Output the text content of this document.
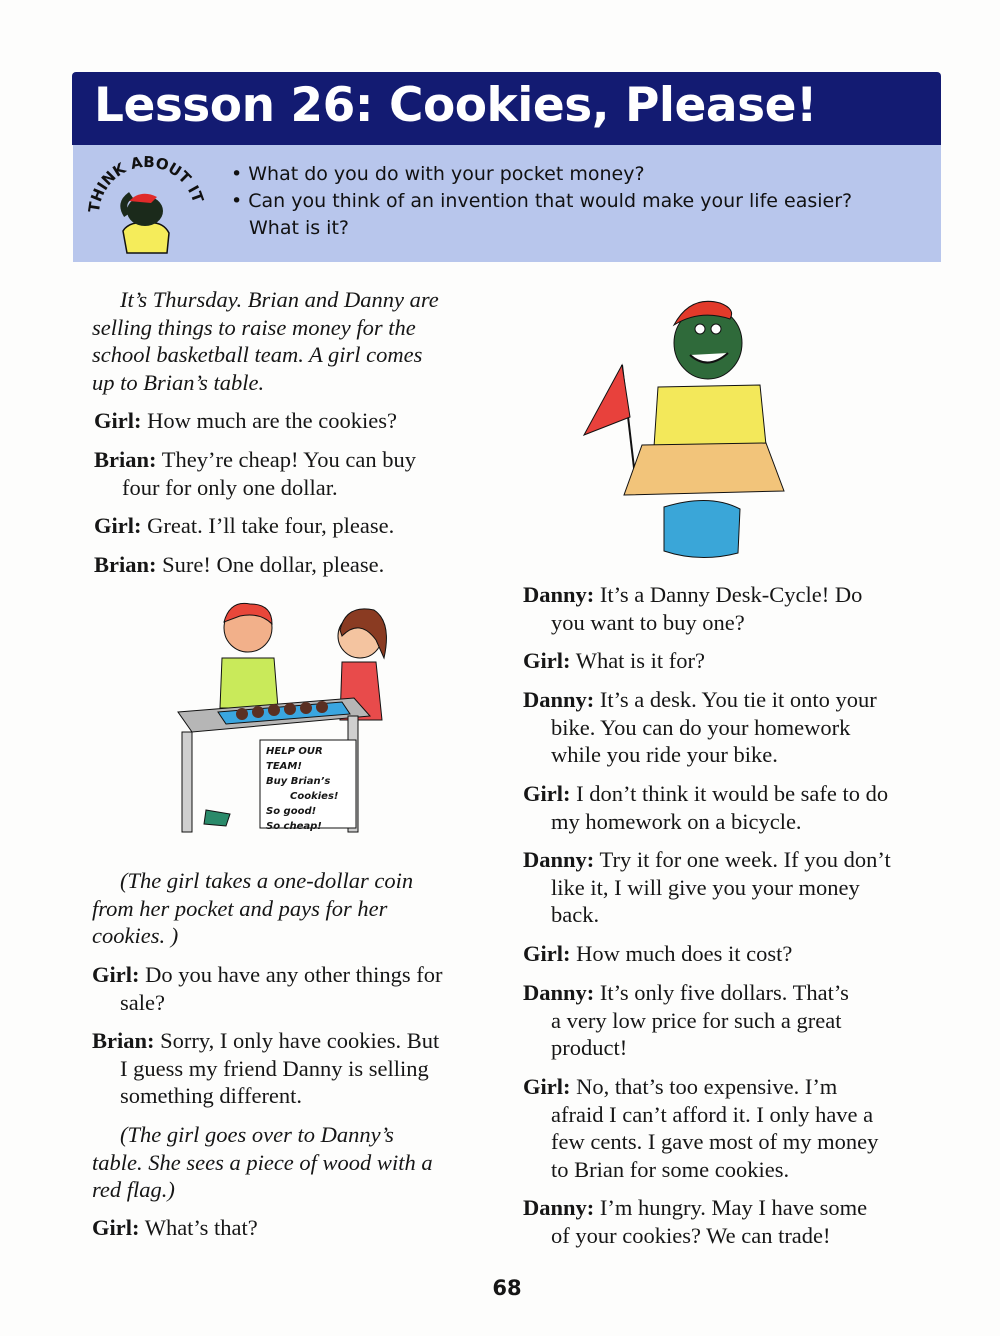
Lesson 26: Cookies, Please!
THINK ABOUT IT
• What do you do with your pocket money?
• Can you think of an invention that would make your life easier?
What is it?
It’s Thursday. Brian and Danny are
selling things to raise money for the
school basketball team. A girl comes
up to Brian’s table.
Girl: How much are the cookies?
Brian: They’re cheap! You can buy
four for only one dollar.
Girl: Great. I’ll take four, please.
Brian: Sure! One dollar, please.
HELP OUR TEAM!
Buy Brian’s
Cookies!
So good!
So cheap!
(The girl takes a one-dollar coin
from her pocket and pays for her
cookies. )
Girl: Do you have any other things for
sale?
Brian: Sorry, I only have cookies. But
I guess my friend Danny is selling
something different.
(The girl goes over to Danny’s
table. She sees a piece of wood with a
red flag.)
Girl: What’s that?
Danny: It’s a Danny Desk-Cycle! Do
you want to buy one?
Girl: What is it for?
Danny: It’s a desk. You tie it onto your
bike. You can do your homework
while you ride your bike.
Girl: I don’t think it would be safe to do
my homework on a bicycle.
Danny: Try it for one week. If you don’t
like it, I will give you your money
back.
Girl: How much does it cost?
Danny: It’s only five dollars. That’s
a very low price for such a great
product!
Girl: No, that’s too expensive. I’m
afraid I can’t afford it. I only have a
few cents. I gave most of my money
to Brian for some cookies.
Danny: I’m hungry. May I have some
of your cookies? We can trade!
68
